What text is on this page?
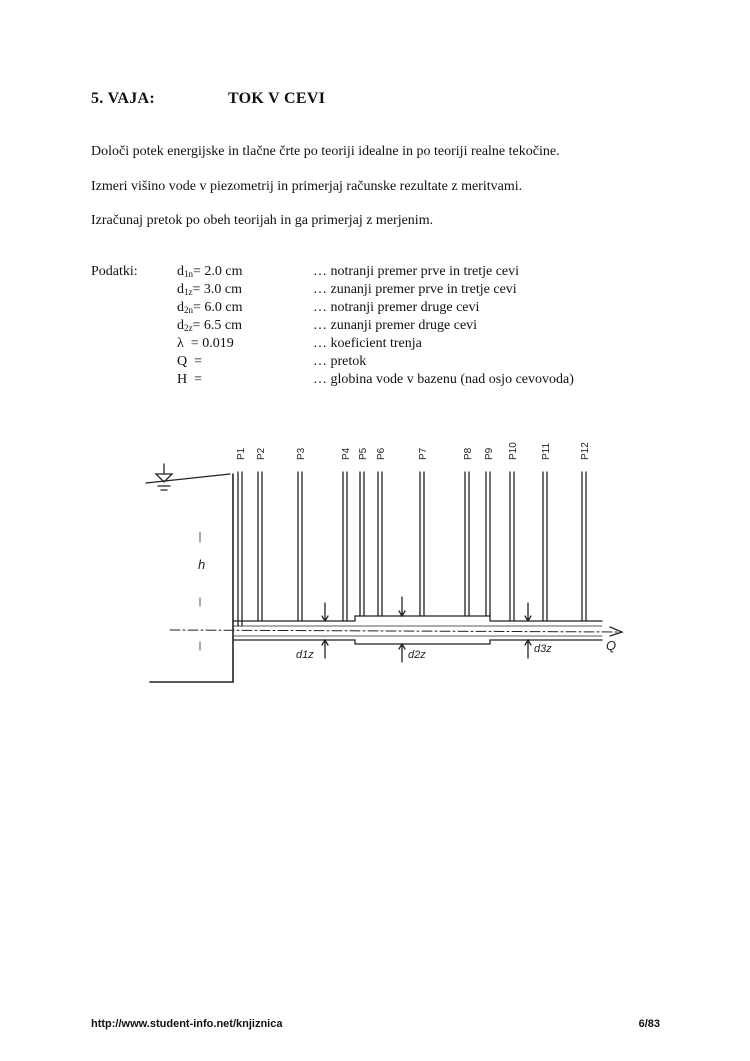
5. VAJA:	TOK V CEVI
Določi potek energijske in tlačne črte po teoriji idealne in po teoriji realne tekočine.
Izmeri višino vode v piezometrij in primerjaj računske rezultate z meritvami.
Izračunaj pretok po obeh teorijah in ga primerjaj z merjenim.
Podatki:	$d_{1n}= 2.0$ cm	… notranji premer prve in tretje cevi
$d_{1z}= 3.0$ cm	… zunanji premer prve in tretje cevi
$d_{2n}= 6.0$ cm	… notranji premer druge cevi
$d_{2z}= 6.5$ cm	… zunanji premer druge cevi
λ  = 0.019	… koeficient trenja
Q  =	… pretok
H  =	… globina vode v bazenu (nad osjo cevovoda)
P1 P2	P3	P4 P5 P6	P7	P8 P9 P10 P11	P12
h
Q
d1z	d2z	d3z
http://www.student-info.net/knjiznica	6/83
